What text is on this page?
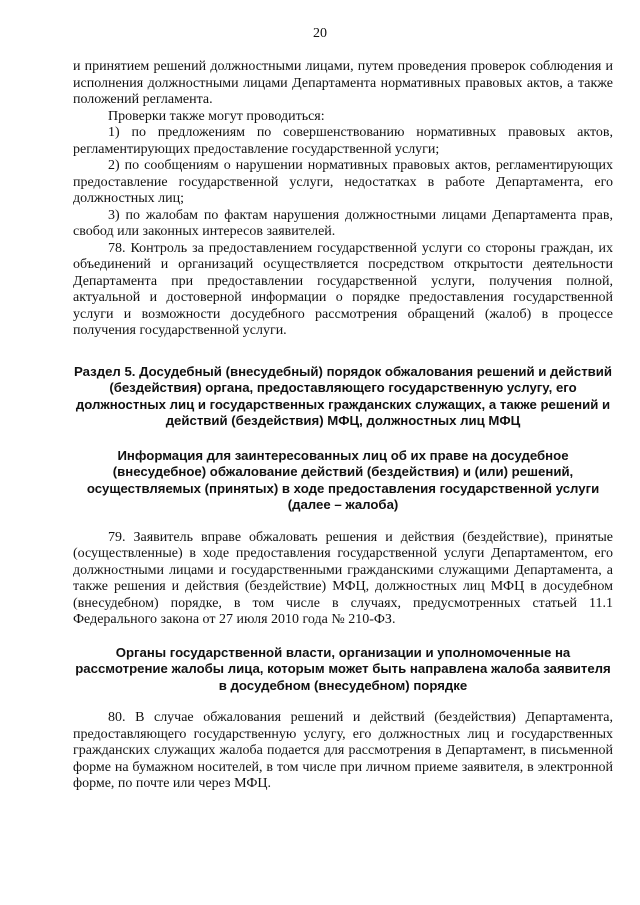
20

и принятием решений должностными лицами, путем проведения проверок соблюдения и исполнения должностными лицами Департамента нормативных правовых актов, а также положений регламента.

Проверки также могут проводиться:

1) по предложениям по совершенствованию нормативных правовых актов, регламентирующих предоставление государственной услуги;

2) по сообщениям о нарушении нормативных правовых актов, регламентирующих предоставление государственной услуги, недостатках в работе Департамента, его должностных лиц;

3) по жалобам по фактам нарушения должностными лицами Департамента прав, свобод или законных интересов заявителей.

78. Контроль за предоставлением государственной услуги со стороны граждан, их объединений и организаций осуществляется посредством открытости деятельности Департамента при предоставлении государственной услуги, получения полной, актуальной и достоверной информации о порядке предоставления государственной услуги и возможности досудебного рассмотрения обращений (жалоб) в процессе получения государственной услуги.

Раздел 5. Досудебный (внесудебный) порядок обжалования решений и действий (бездействия) органа, предоставляющего государственную услугу, его должностных лиц и государственных гражданских служащих, а также решений и действий (бездействия) МФЦ, должностных лиц МФЦ

Информация для заинтересованных лиц об их праве на досудебное (внесудебное) обжалование действий (бездействия) и (или) решений, осуществляемых (принятых) в ходе предоставления государственной услуги (далее – жалоба)

79. Заявитель вправе обжаловать решения и действия (бездействие), принятые (осуществленные) в ходе предоставления государственной услуги Департаментом, его должностными лицами и государственными гражданскими служащими Департамента, а также решения и действия (бездействие) МФЦ, должностных лиц МФЦ в досудебном (внесудебном) порядке, в том числе в случаях, предусмотренных статьей 11.1 Федерального закона от 27 июля 2010 года № 210-ФЗ.

Органы государственной власти, организации и уполномоченные на рассмотрение жалобы лица, которым может быть направлена жалоба заявителя в досудебном (внесудебном) порядке

80. В случае обжалования решений и действий (бездействия) Департамента, предоставляющего государственную услугу, его должностных лиц и государственных гражданских служащих жалоба подается для рассмотрения в Департамент, в письменной форме на бумажном носителей, в том числе при личном приеме заявителя, в электронной форме, по почте или через МФЦ.
